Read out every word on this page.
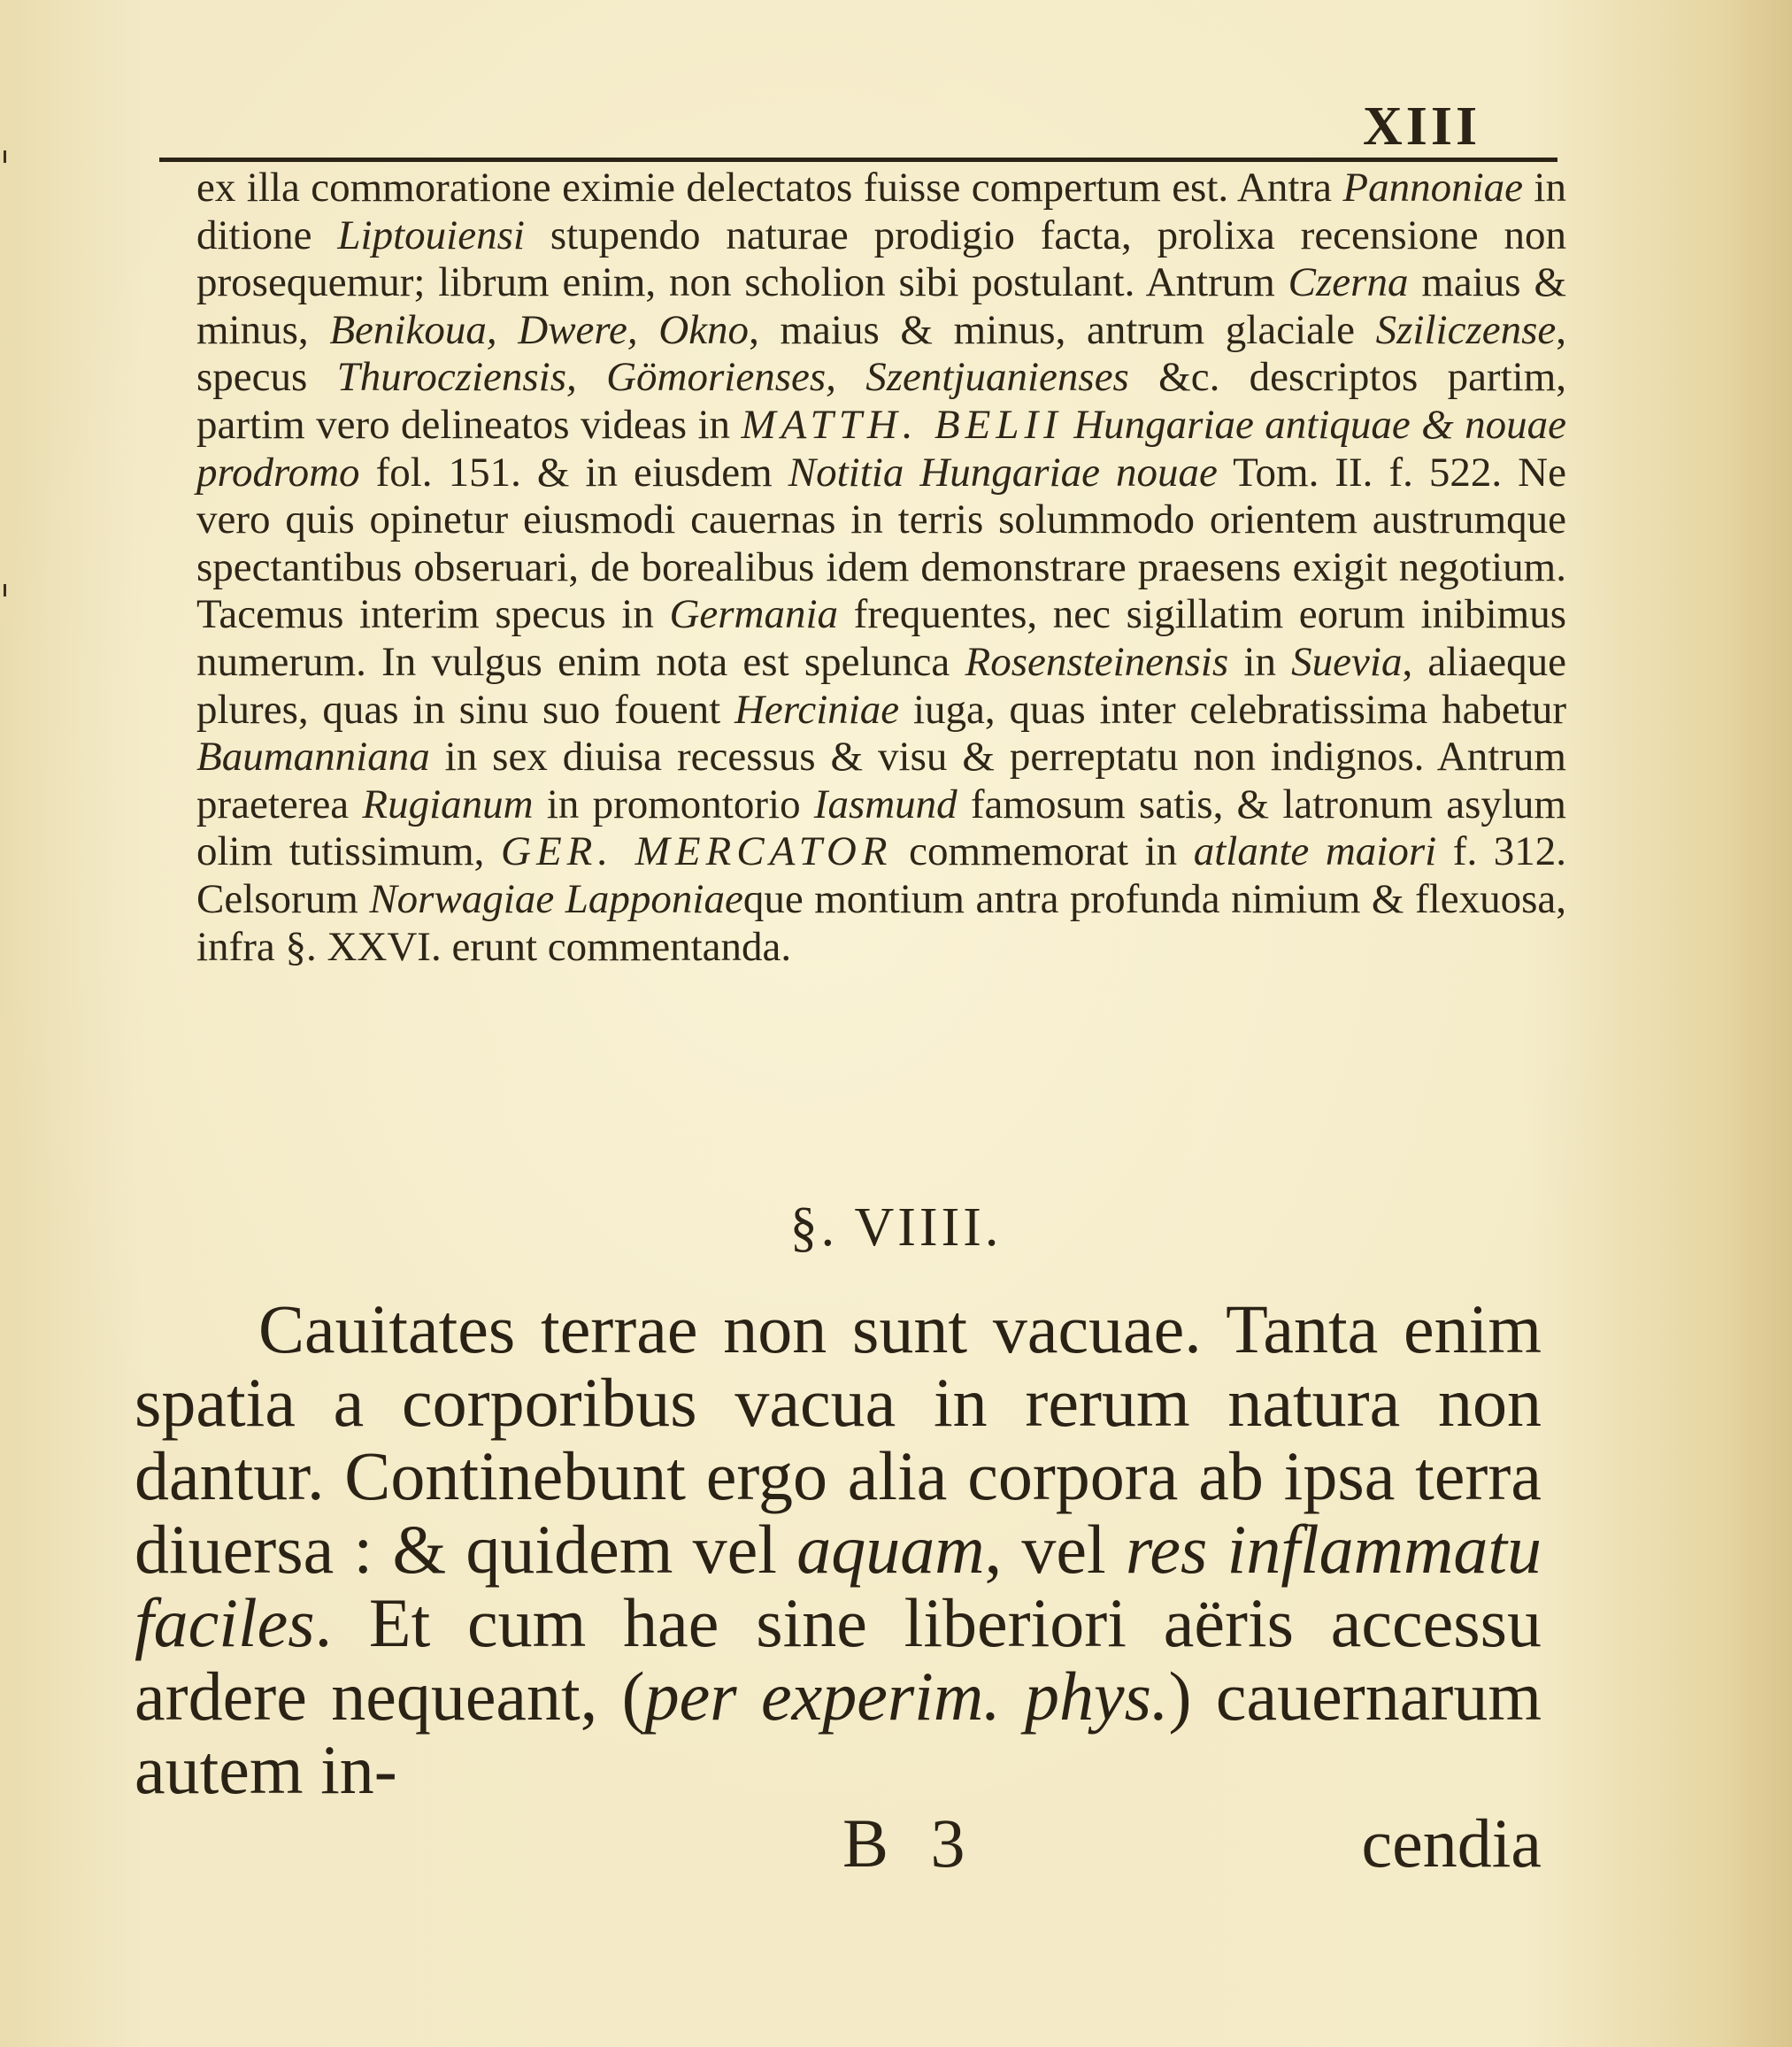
XIII

ex illa commoratione eximie delectatos fuisse compertum est. Antra Pannoniae in ditione Liptouiensi stupendo naturae prodigio facta, prolixa recensione non prosequemur; librum enim, non scholion sibi postulant. Antrum Czerna maius & minus, Benikoua, Dwere, Okno, maius & minus, antrum glaciale Sziliczense, specus Thurocziensis, Gömorienses, Szentjuanienses &c. descriptos partim, partim vero delineatos videas in MATTH. BELII Hungariae antiquae & nouae prodromo fol. 151. & in eiusdem Notitia Hungariae nouae Tom. II. f. 522. Ne vero quis opinetur eiusmodi cauernas in terris solummodo orientem austrumque spectantibus obseruari, de borealibus idem demonstrare praesens exigit negotium. Tacemus interim specus in Germania frequentes, nec sigillatim eorum inibimus numerum. In vulgus enim nota est spelunca Rosensteinensis in Suevia, aliaeque plures, quas in sinu suo fouent Herciniae iuga, quas inter celebratissima habetur Baumanniana in sex diuisa recessus & visu & perreptatu non indignos. Antrum praeterea Rugianum in promontorio Iasmund famosum satis, & latronum asylum olim tutissimum, GER. MERCATOR commemorat in atlante maiori f. 312. Celsorum Norwagiae Lapponiaeque montium antra profunda nimium & flexuosa, infra §. XXVI. erunt commentanda.

§. VIIII.

Cauitates terrae non sunt vacuae. Tanta enim spatia a corporibus vacua in rerum natura non dantur. Continebunt ergo alia corpora ab ipsa terra diuersa : & quidem vel aquam, vel res inflammatu faciles. Et cum hae sine liberiori aëris accessu ardere nequeant, (per experim. phys.) cauernarum autem in-

B 3	cendia
